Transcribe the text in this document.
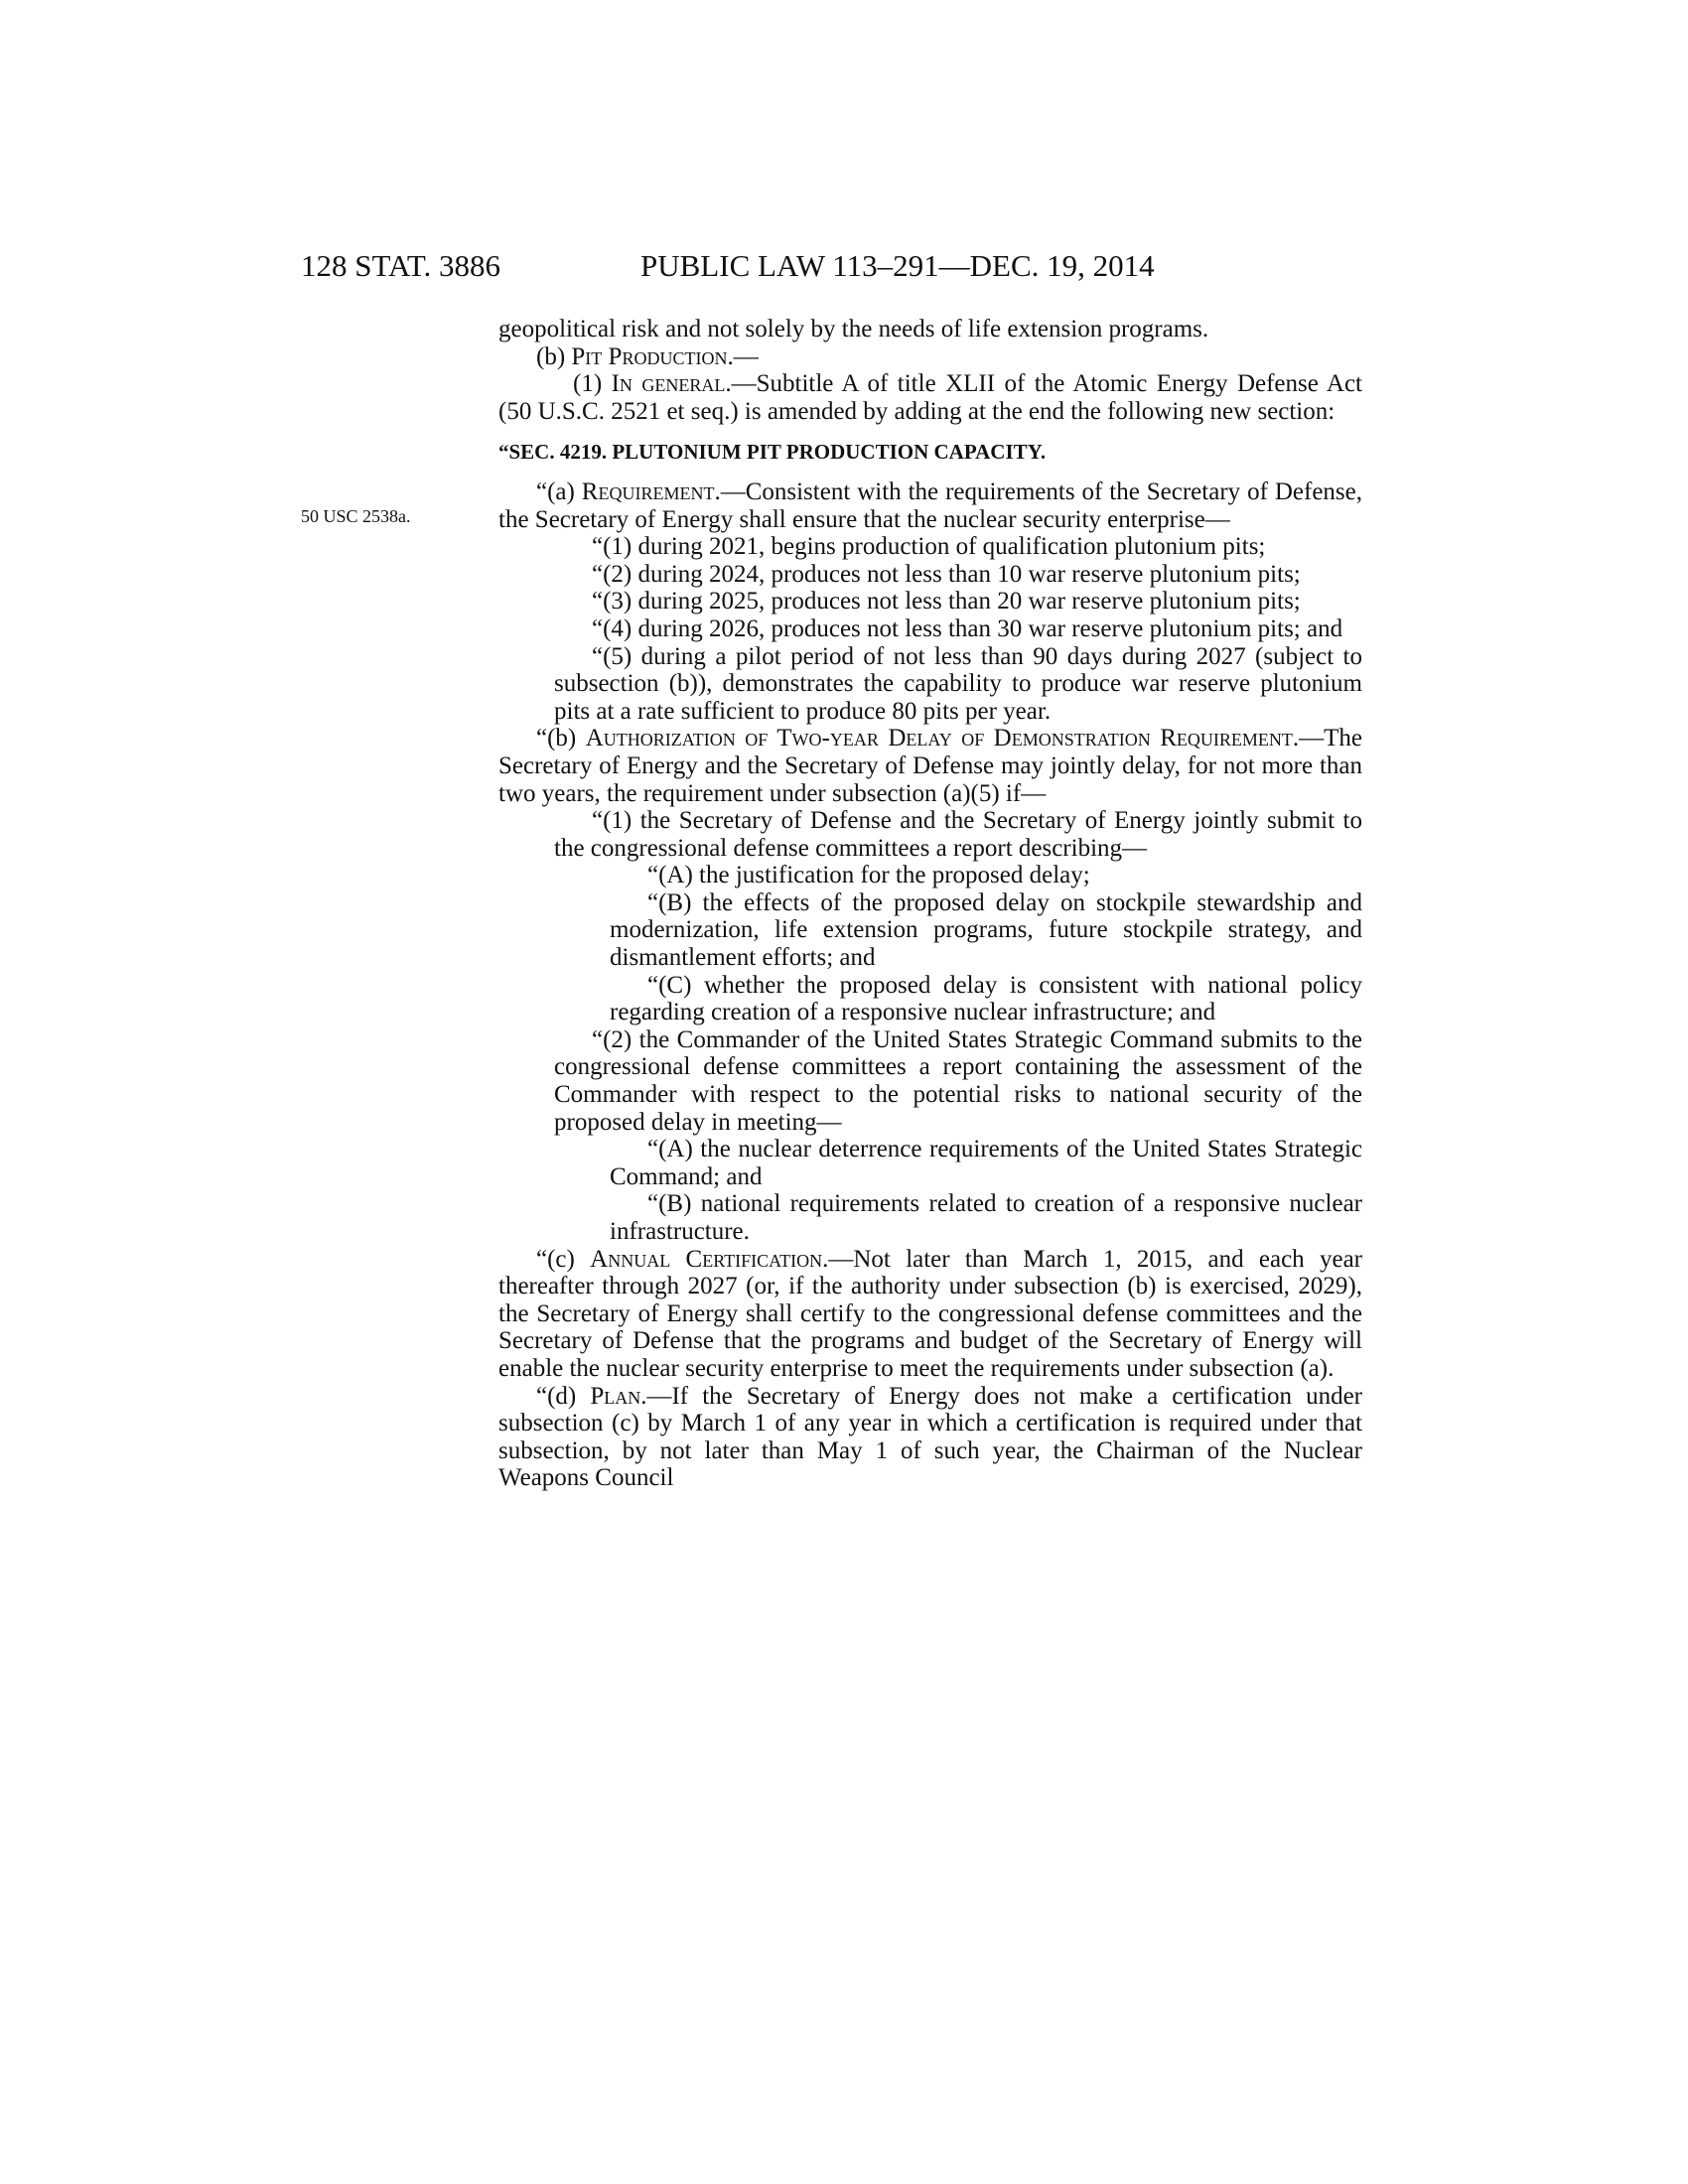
128 STAT. 3886	PUBLIC LAW 113–291—DEC. 19, 2014
50 USC 2538a.

geopolitical risk and not solely by the needs of life extension programs.

(b) Pit Production.—

(1) In general.—Subtitle A of title XLII of the Atomic Energy Defense Act (50 U.S.C. 2521 et seq.) is amended by adding at the end the following new section:

“SEC. 4219. PLUTONIUM PIT PRODUCTION CAPACITY.

“(a) Requirement.—Consistent with the requirements of the Secretary of Defense, the Secretary of Energy shall ensure that the nuclear security enterprise—

“(1) during 2021, begins production of qualification plutonium pits;

“(2) during 2024, produces not less than 10 war reserve plutonium pits;

“(3) during 2025, produces not less than 20 war reserve plutonium pits;

“(4) during 2026, produces not less than 30 war reserve plutonium pits; and

“(5) during a pilot period of not less than 90 days during 2027 (subject to subsection (b)), demonstrates the capability to produce war reserve plutonium pits at a rate sufficient to produce 80 pits per year.

“(b) Authorization of Two-year Delay of Demonstration Requirement.—The Secretary of Energy and the Secretary of Defense may jointly delay, for not more than two years, the requirement under subsection (a)(5) if—

“(1) the Secretary of Defense and the Secretary of Energy jointly submit to the congressional defense committees a report describing—

“(A) the justification for the proposed delay;

“(B) the effects of the proposed delay on stockpile stewardship and modernization, life extension programs, future stockpile strategy, and dismantlement efforts; and

“(C) whether the proposed delay is consistent with national policy regarding creation of a responsive nuclear infrastructure; and

“(2) the Commander of the United States Strategic Command submits to the congressional defense committees a report containing the assessment of the Commander with respect to the potential risks to national security of the proposed delay in meeting—

“(A) the nuclear deterrence requirements of the United States Strategic Command; and

“(B) national requirements related to creation of a responsive nuclear infrastructure.

“(c) Annual Certification.—Not later than March 1, 2015, and each year thereafter through 2027 (or, if the authority under subsection (b) is exercised, 2029), the Secretary of Energy shall certify to the congressional defense committees and the Secretary of Defense that the programs and budget of the Secretary of Energy will enable the nuclear security enterprise to meet the requirements under subsection (a).

“(d) Plan.—If the Secretary of Energy does not make a certification under subsection (c) by March 1 of any year in which a certification is required under that subsection, by not later than May 1 of such year, the Chairman of the Nuclear Weapons Council
